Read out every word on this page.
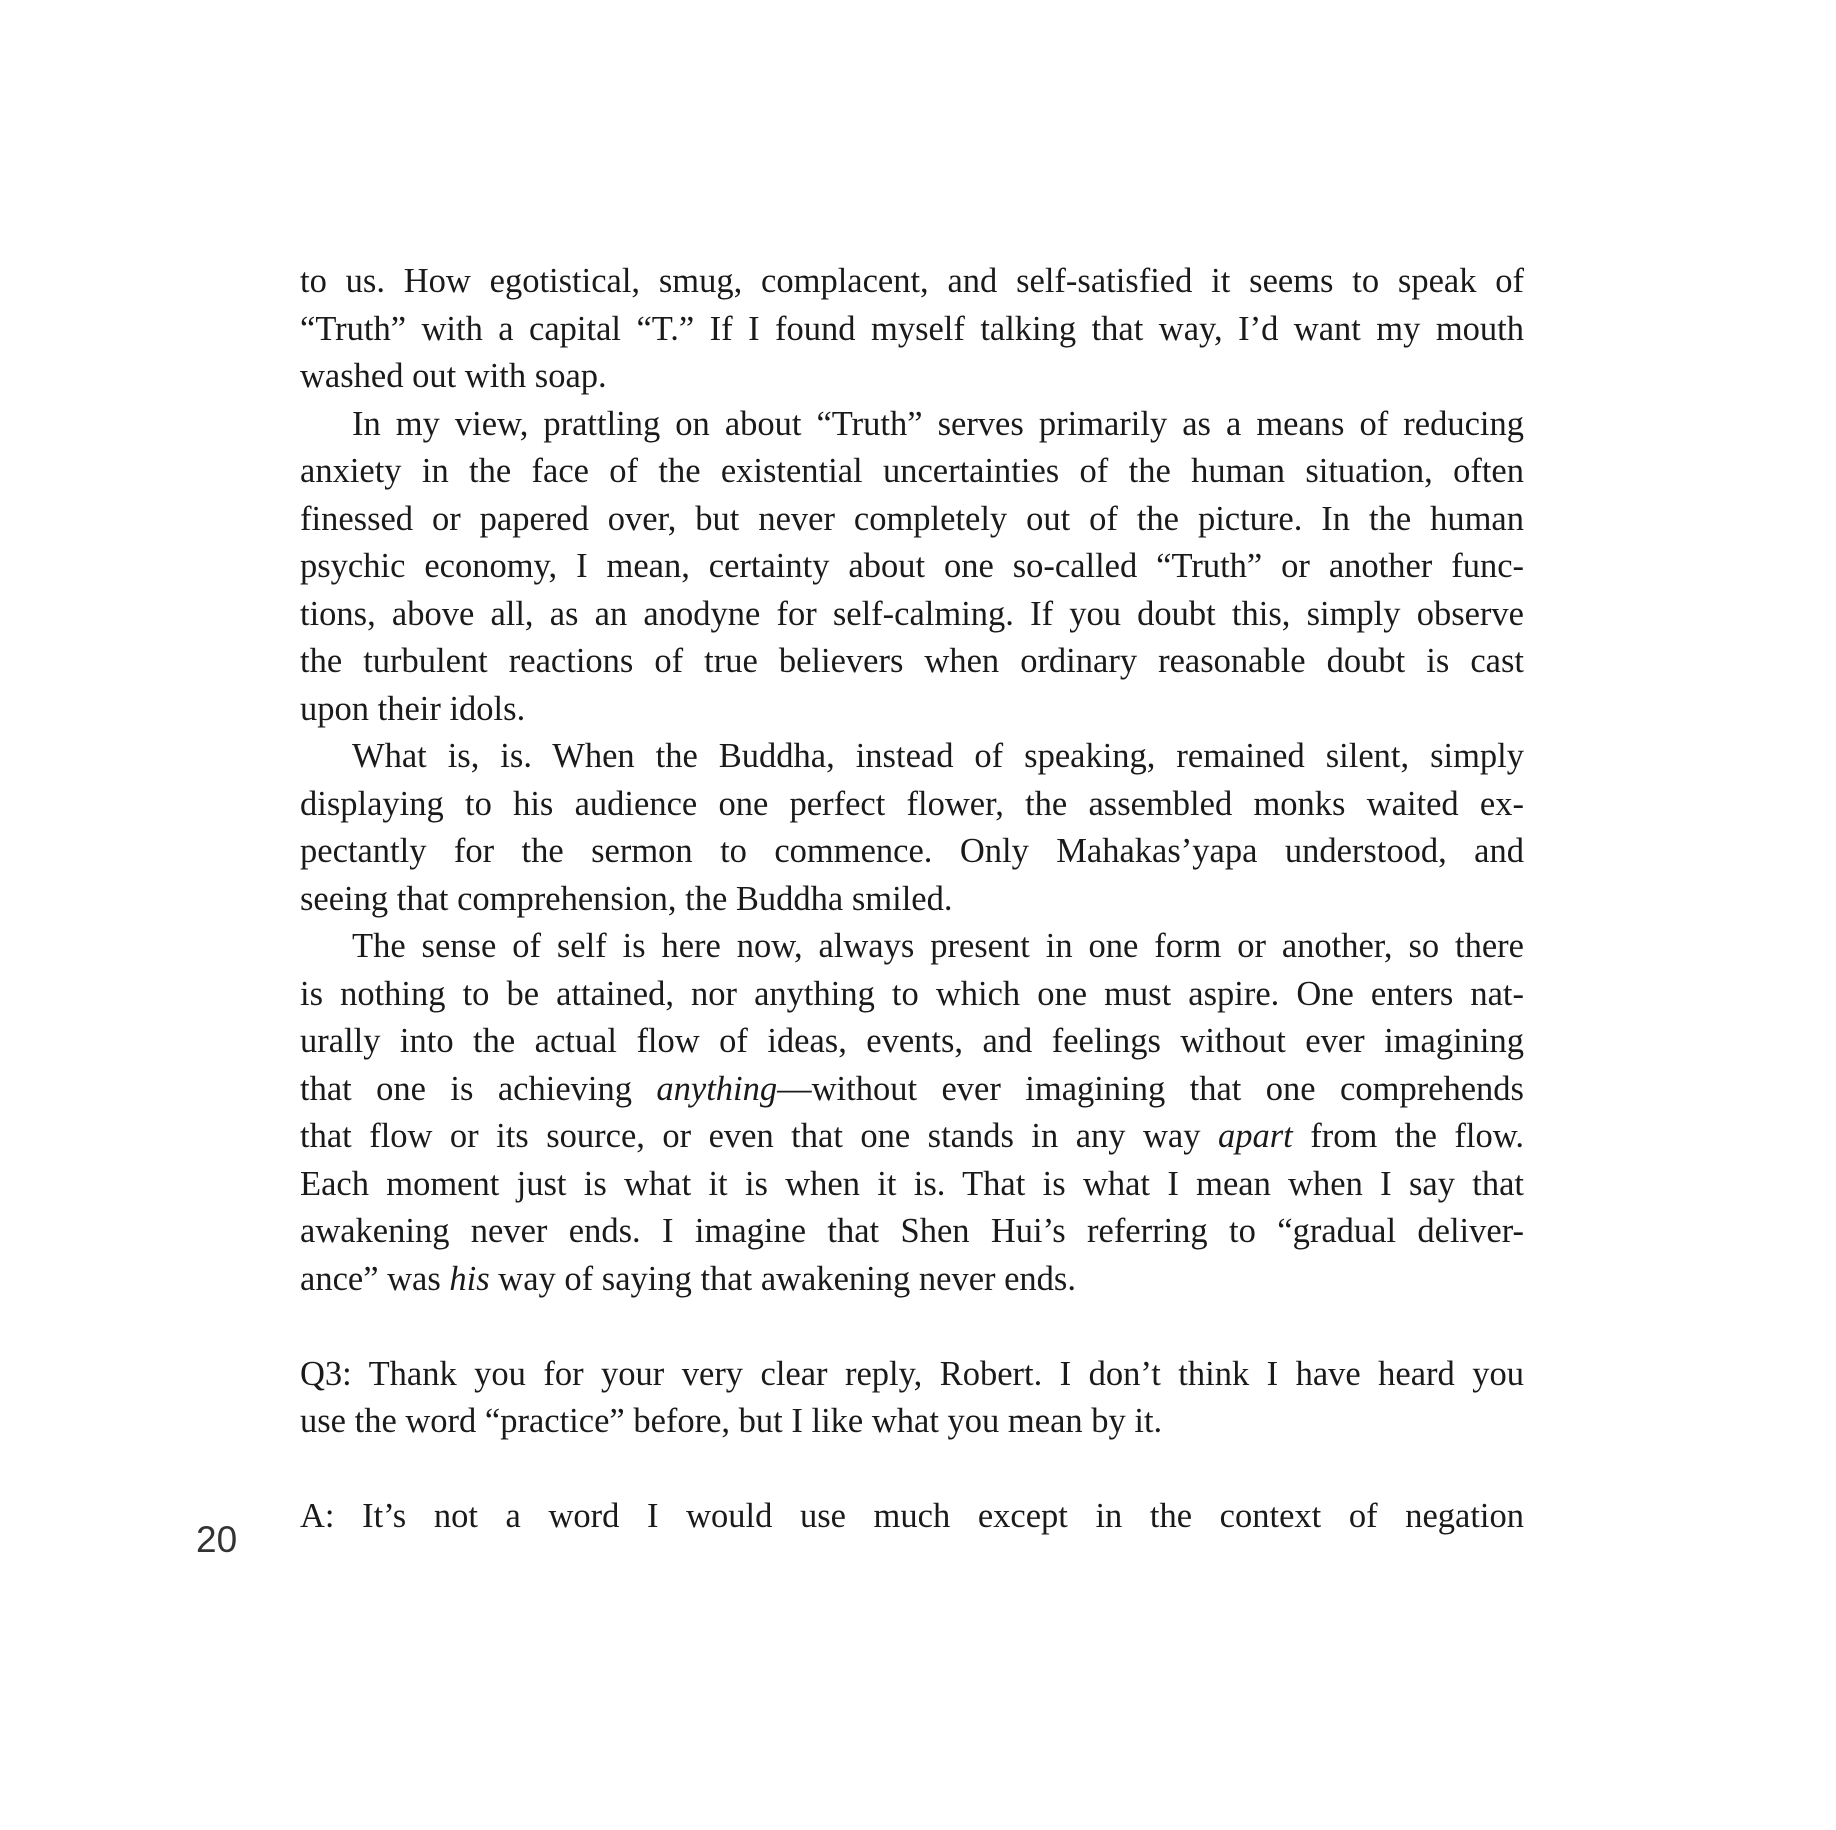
to us. How egotistical, smug, complacent, and self-satisfied it seems to speak of
“Truth” with a capital “T.” If I found myself talking that way, I’d want my mouth
washed out with soap.

In my view, prattling on about “Truth” serves primarily as a means of reducing
anxiety in the face of the existential uncertainties of the human situation, often
finessed or papered over, but never completely out of the picture. In the human
psychic economy, I mean, certainty about one so-called “Truth” or another func-
tions, above all, as an anodyne for self-calming. If you doubt this, simply observe
the turbulent reactions of true believers when ordinary reasonable doubt is cast
upon their idols.

What is, is. When the Buddha, instead of speaking, remained silent, simply
displaying to his audience one perfect flower, the assembled monks waited ex-
pectantly for the sermon to commence. Only Mahakas’yapa understood, and
seeing that comprehension, the Buddha smiled.

The sense of self is here now, always present in one form or another, so there
is nothing to be attained, nor anything to which one must aspire. One enters nat-
urally into the actual flow of ideas, events, and feelings without ever imagining
that one is achieving anything—without ever imagining that one comprehends
that flow or its source, or even that one stands in any way apart from the flow.
Each moment just is what it is when it is. That is what I mean when I say that
awakening never ends. I imagine that Shen Hui’s referring to “gradual deliver-
ance” was his way of saying that awakening never ends.

Q3: Thank you for your very clear reply, Robert. I don’t think I have heard you
use the word “practice” before, but I like what you mean by it.

A: It’s not a word I would use much except in the context of negation

20
